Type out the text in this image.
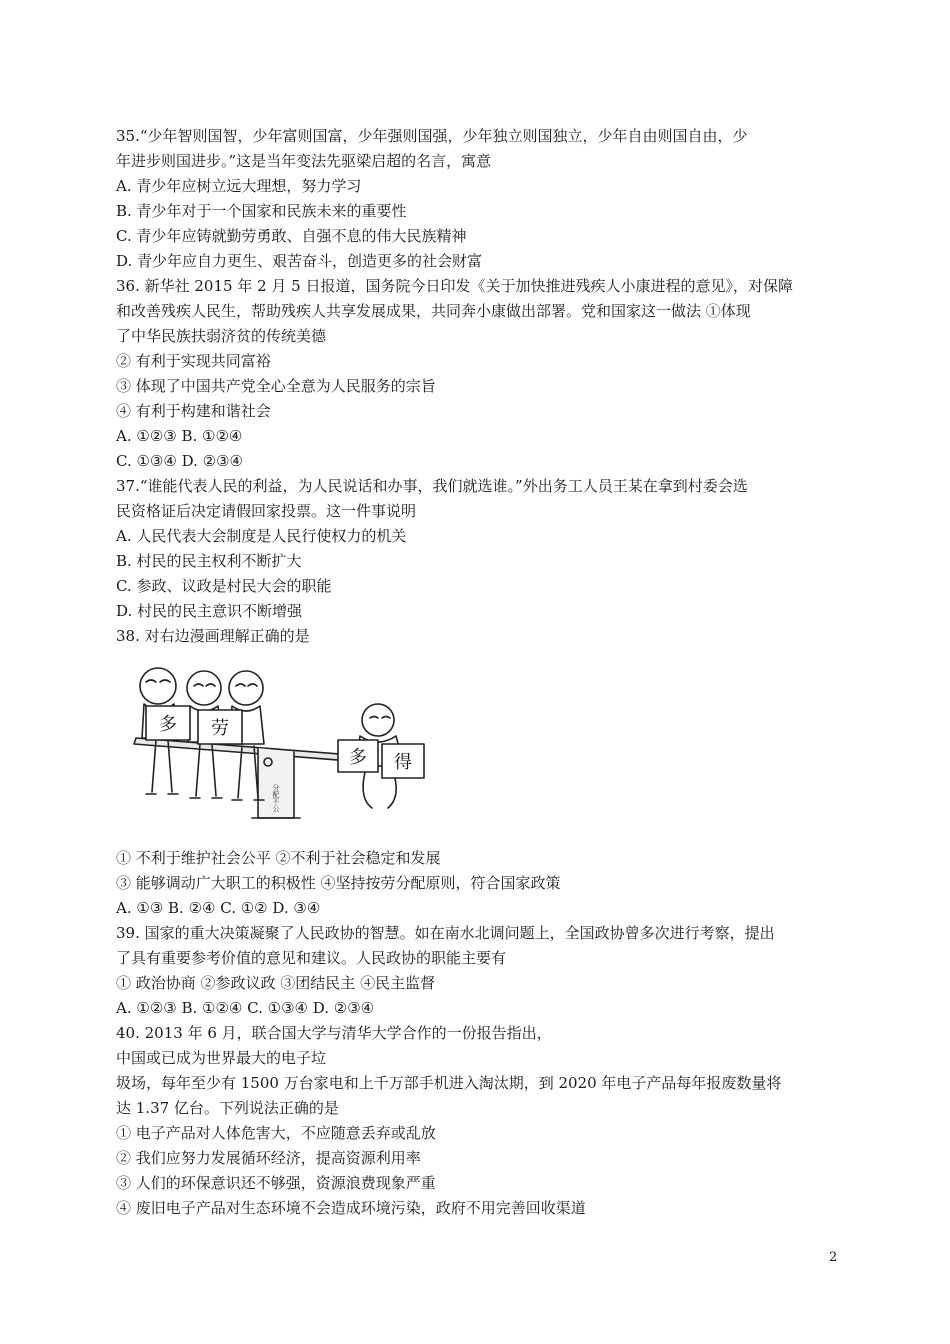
35.“少年智则国智，少年富则国富，少年强则国强，少年独立则国独立，少年自由则国自由，少
年进步则国进步。”这是当年变法先驱梁启超的名言，寓意
A. 青少年应树立远大理想，努力学习
B. 青少年对于一个国家和民族未来的重要性
C. 青少年应铸就勤劳勇敢、自强不息的伟大民族精神
D. 青少年应自力更生、艰苦奋斗，创造更多的社会财富
36. 新华社 2015 年 2 月 5 日报道，国务院今日印发《关于加快推进残疾人小康进程的意见》，对保障
和改善残疾人民生，帮助残疾人共享发展成果，共同奔小康做出部署。党和国家这一做法 ①体现
了中华民族扶弱济贫的传统美德
② 有利于实现共同富裕
③ 体现了中国共产党全心全意为人民服务的宗旨
④ 有利于构建和谐社会
A. ①②③ B. ①②④
C. ①③④ D. ②③④
37.“谁能代表人民的利益，为人民说话和办事，我们就选谁。”外出务工人员王某在拿到村委会选
民资格证后决定请假回家投票。这一件事说明
A. 人民代表大会制度是人民行使权力的机关
B. 村民的民主权利不断扩大
C. 参政、议政是村民大会的职能
D. 村民的民主意识不断增强
38. 对右边漫画理解正确的是
多 劳
多 得
分配不公
① 不利于维护社会公平 ②不利于社会稳定和发展
③ 能够调动广大职工的积极性 ④坚持按劳分配原则，符合国家政策
A. ①③ B. ②④ C. ①② D. ③④
39. 国家的重大决策凝聚了人民政协的智慧。如在南水北调问题上，全国政协曾多次进行考察，提出
了具有重要参考价值的意见和建议。人民政协的职能主要有
① 政治协商 ②参政议政 ③团结民主 ④民主监督
A. ①②③ B. ①②④ C. ①③④ D. ②③④
40. 2013 年 6 月，联合国大学与清华大学合作的一份报告指出，
中国或已成为世界最大的电子垃
圾场，每年至少有 1500 万台家电和上千万部手机进入淘汰期，到 2020 年电子产品每年报废数量将
达 1.37 亿台。下列说法正确的是
① 电子产品对人体危害大，不应随意丢弃或乱放
② 我们应努力发展循环经济，提高资源利用率
③ 人们的环保意识还不够强，资源浪费现象严重
④ 废旧电子产品对生态环境不会造成环境污染，政府不用完善回收渠道
2
